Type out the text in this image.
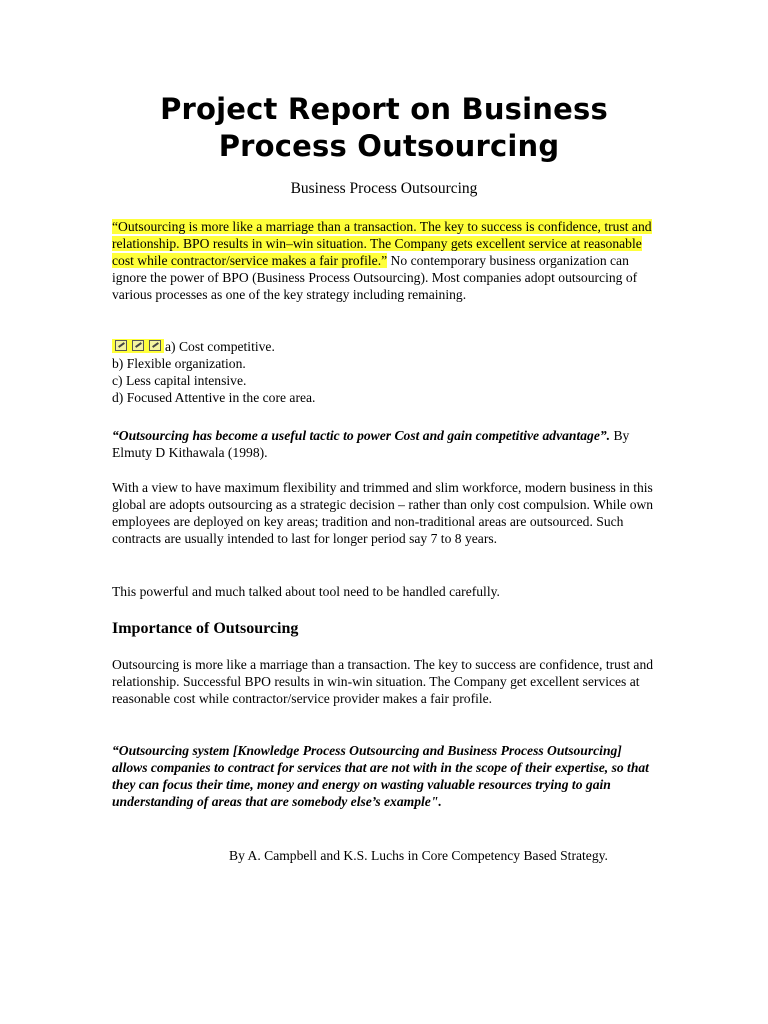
Project Report on Business
Process Outsourcing
Business Process Outsourcing
“Outsourcing is more like a marriage than a transaction. The key to success is confidence, trust and relationship. BPO results in win–win situation. The Company gets excellent service at reasonable cost while contractor/service makes a fair profile.” No contemporary business organization can ignore the power of BPO (Business Process Outsourcing). Most companies adopt outsourcing of various processes as one of the key strategy including remaining.
a) Cost competitive.
b) Flexible organization.
c) Less capital intensive.
d) Focused Attentive in the core area.
“Outsourcing has become a useful tactic to power Cost and gain competitive advantage”. By Elmuty D Kithawala (1998).
With a view to have maximum flexibility and trimmed and slim workforce, modern business in this global are adopts outsourcing as a strategic decision – rather than only cost compulsion. While own employees are deployed on key areas; tradition and non-traditional areas are outsourced. Such contracts are usually intended to last for longer period say 7 to 8 years.
This powerful and much talked about tool need to be handled carefully.
Importance of Outsourcing
Outsourcing is more like a marriage than a transaction. The key to success are confidence, trust and relationship. Successful BPO results in win-win situation. The Company get excellent services at reasonable cost while contractor/service provider makes a fair profile.
“Outsourcing system [Knowledge Process Outsourcing and Business Process Outsourcing] allows companies to contract for services that are not with in the scope of their expertise, so that they can focus their time, money and energy on wasting valuable resources trying to gain understanding of areas that are somebody else’s example".
By A. Campbell and K.S. Luchs in Core Competency Based Strategy.
